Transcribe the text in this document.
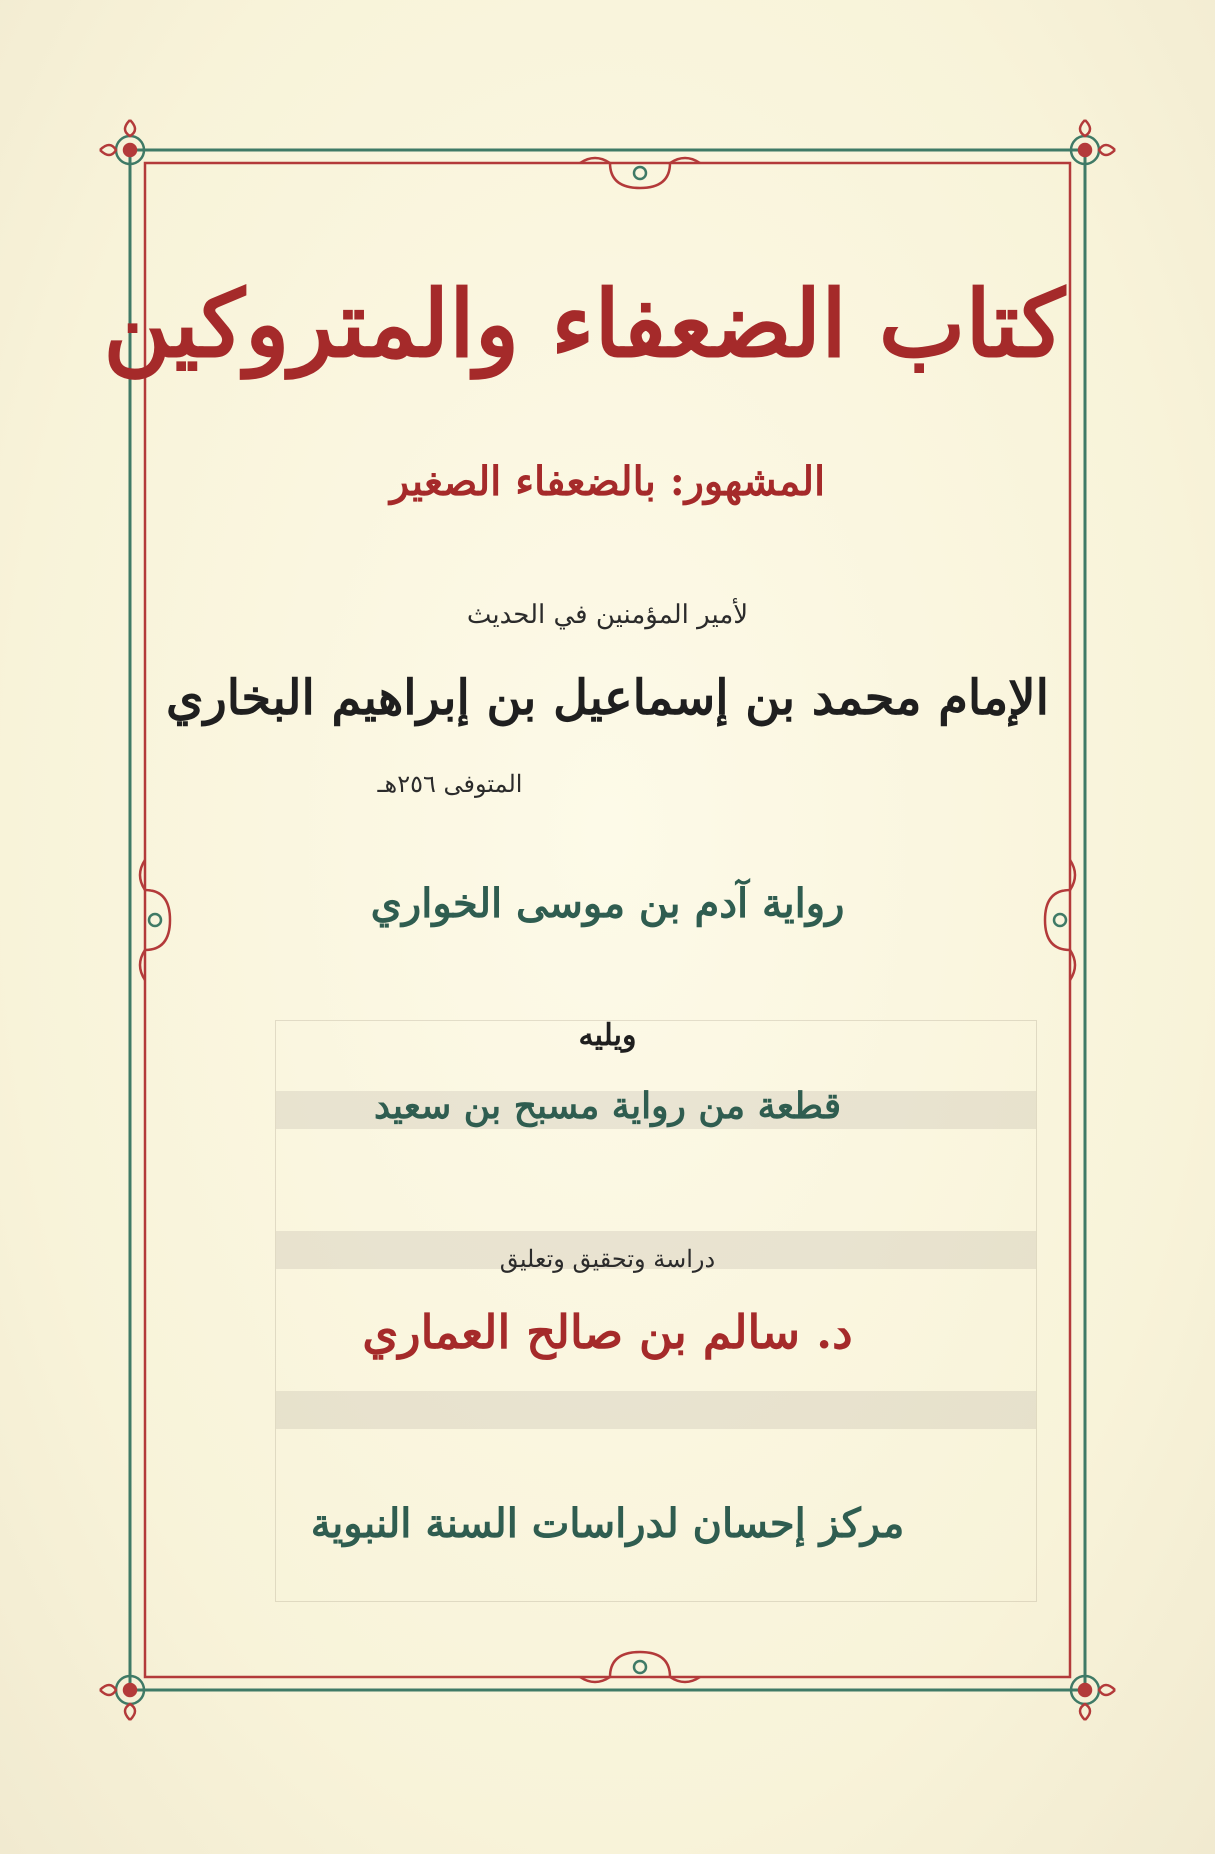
كتاب الضعفاء والمتروكين
المشهور: بالضعفاء الصغير
لأمير المؤمنين في الحديث
الإمام محمد بن إسماعيل بن إبراهيم البخاري
المتوفى ٢٥٦هـ
رواية آدم بن موسى الخواري
ويليه
قطعة من رواية مسبح بن سعيد
دراسة وتحقيق وتعليق
د. سالم بن صالح العماري
مركز إحسان لدراسات السنة النبوية
